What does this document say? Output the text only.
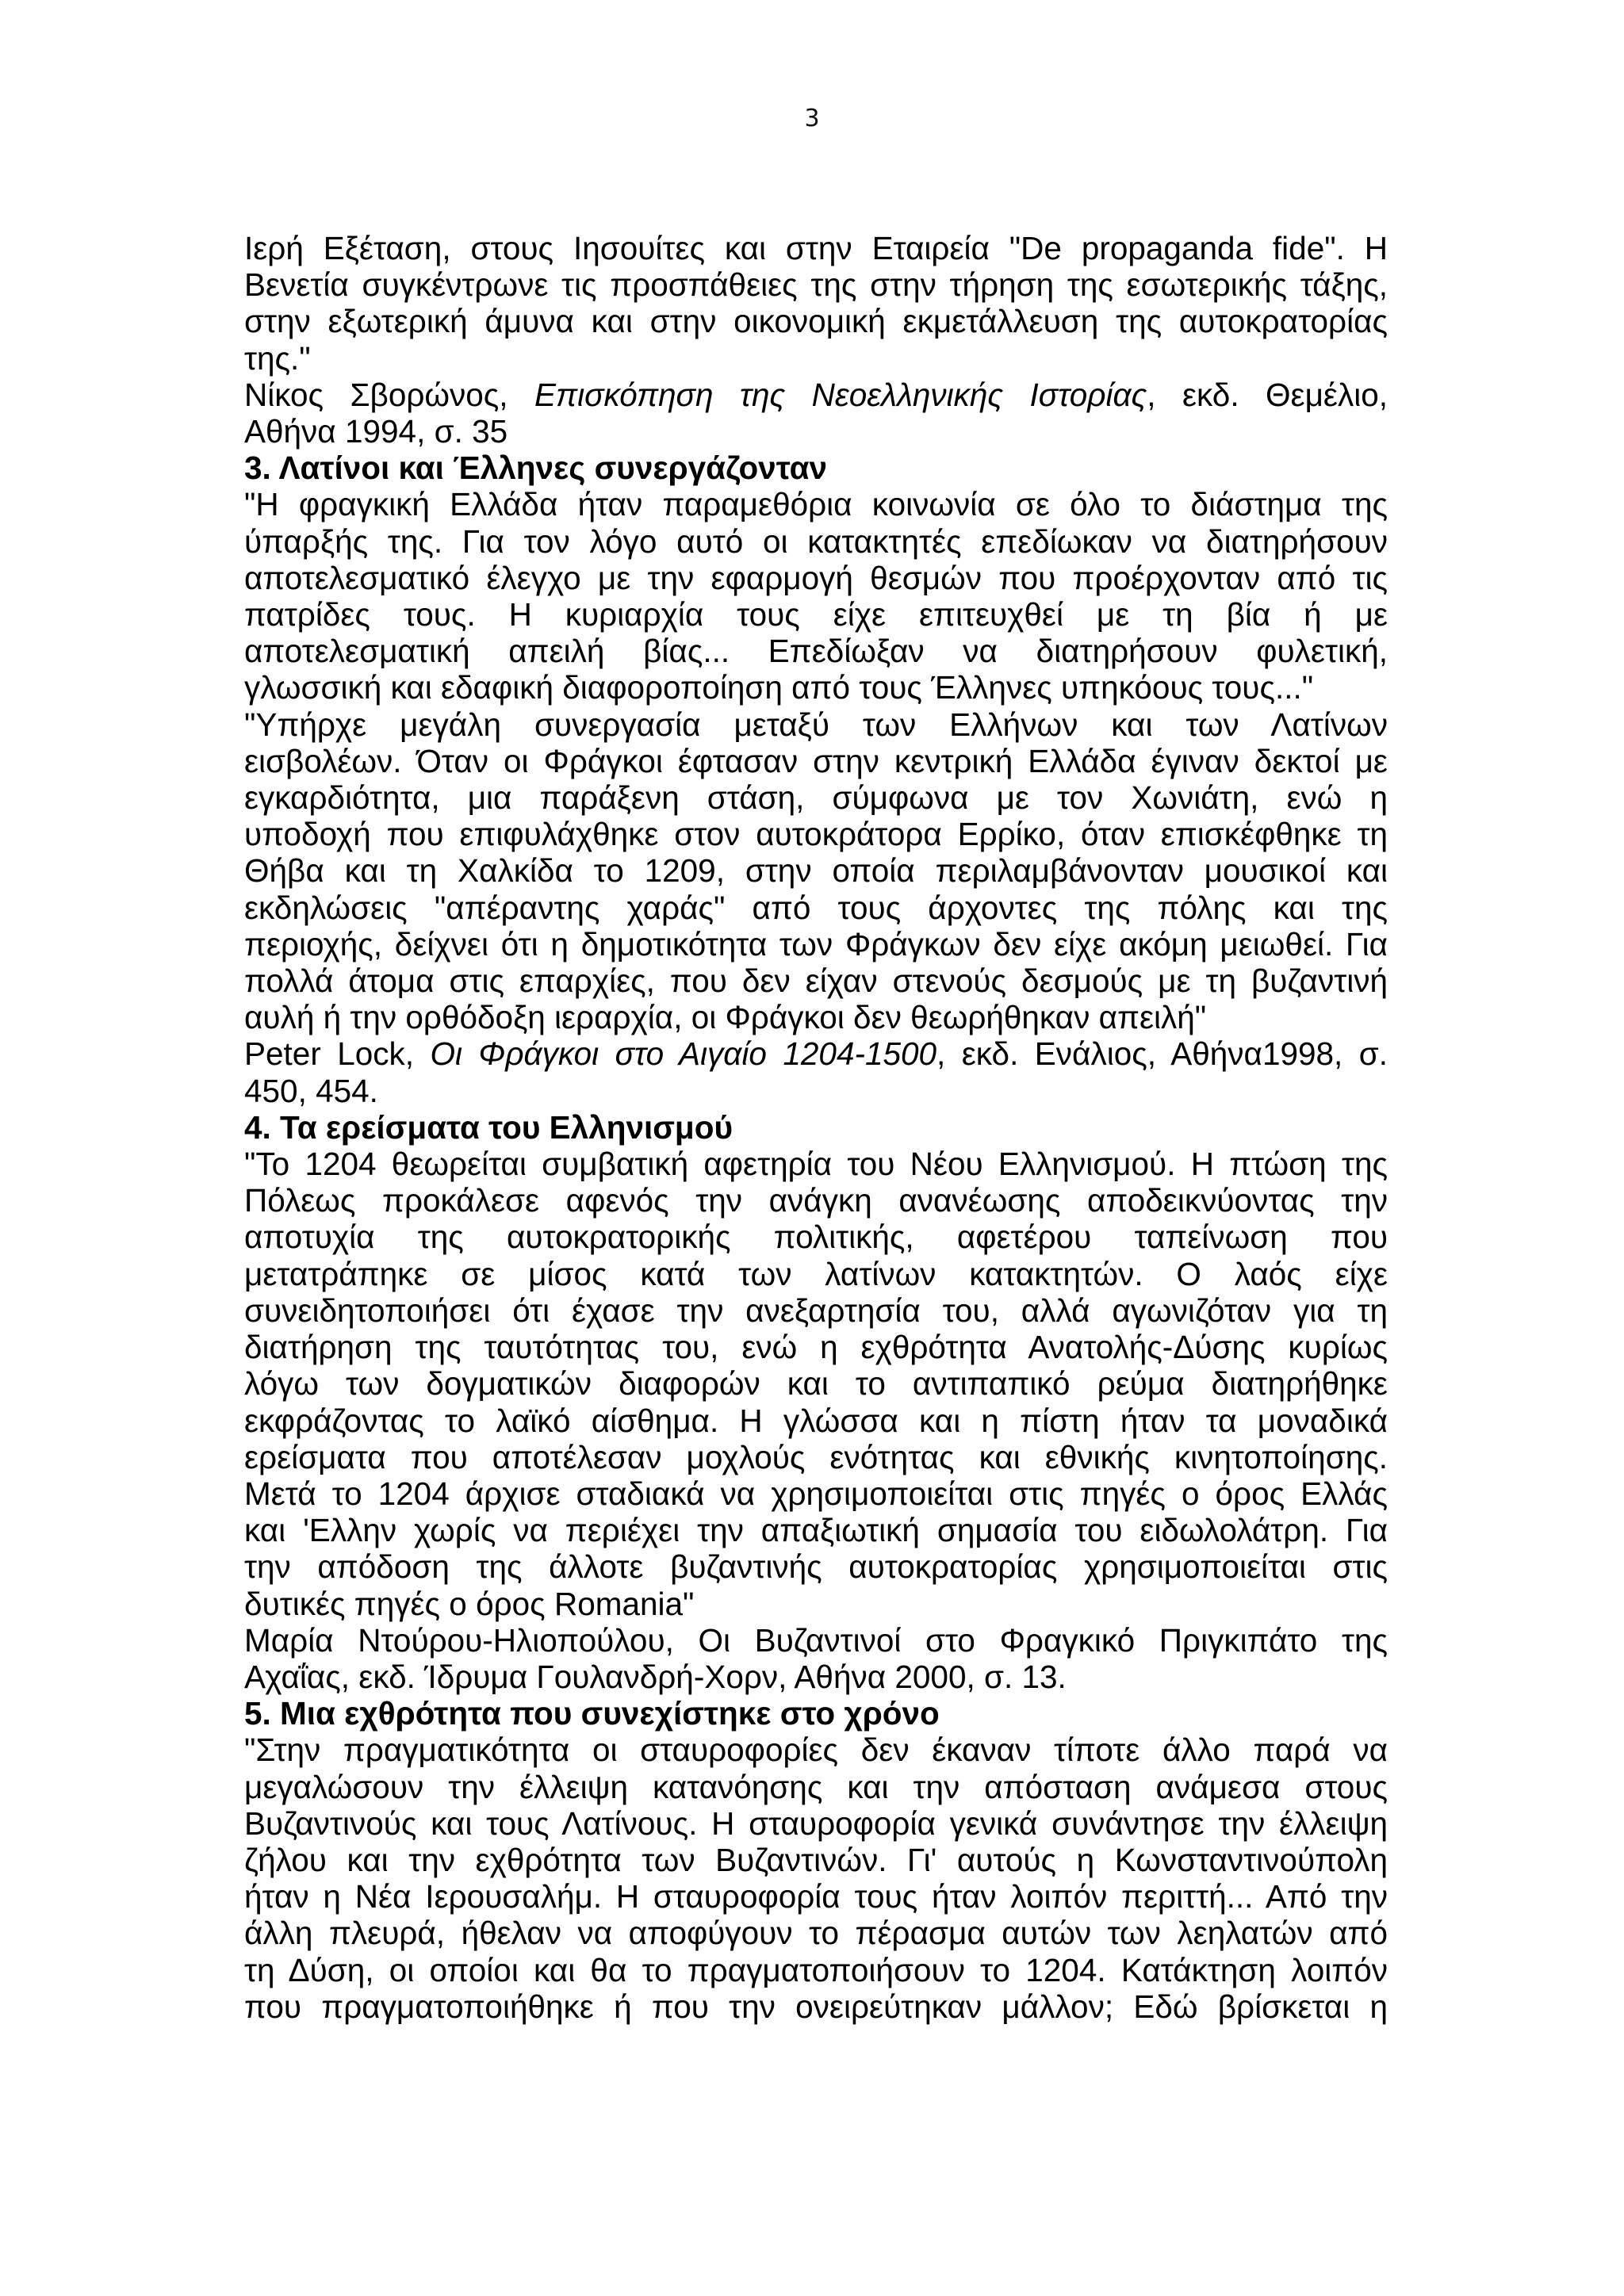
3
Ιερή Εξέταση, στους Ιησουίτες και στην Εταιρεία "De propaganda fide". Η
Βενετία συγκέντρωνε τις προσπάθειες της στην τήρηση της εσωτερικής τάξης,
στην εξωτερική άμυνα και στην οικονομική εκμετάλλευση της αυτοκρατορίας
της."
Νίκος Σβορώνος, Επισκόπηση της Νεοελληνικής Ιστορίας, εκδ. Θεμέλιο,
Αθήνα 1994, σ. 35
3. Λατίνοι και Έλληνες συνεργάζονταν
"Η φραγκική Ελλάδα ήταν παραμεθόρια κοινωνία σε όλο το διάστημα της
ύπαρξής της. Για τον λόγο αυτό οι κατακτητές επεδίωκαν να διατηρήσουν
αποτελεσματικό έλεγχο με την εφαρμογή θεσμών που προέρχονταν από τις
πατρίδες τους. Η κυριαρχία τους είχε επιτευχθεί με τη βία ή με
αποτελεσματική απειλή βίας... Επεδίωξαν να διατηρήσουν φυλετική,
γλωσσική και εδαφική διαφοροποίηση από τους Έλληνες υπηκόους τους..."
"Υπήρχε μεγάλη συνεργασία μεταξύ των Ελλήνων και των Λατίνων
εισβολέων. Όταν οι Φράγκοι έφτασαν στην κεντρική Ελλάδα έγιναν δεκτοί με
εγκαρδιότητα, μια παράξενη στάση, σύμφωνα με τον Χωνιάτη, ενώ η
υποδοχή που επιφυλάχθηκε στον αυτοκράτορα Ερρίκο, όταν επισκέφθηκε τη
Θήβα και τη Χαλκίδα το 1209, στην οποία περιλαμβάνονταν μουσικοί και
εκδηλώσεις "απέραντης χαράς" από τους άρχοντες της πόλης και της
περιοχής, δείχνει ότι η δημοτικότητα των Φράγκων δεν είχε ακόμη μειωθεί. Για
πολλά άτομα στις επαρχίες, που δεν είχαν στενούς δεσμούς με τη βυζαντινή
αυλή ή την ορθόδοξη ιεραρχία, οι Φράγκοι δεν θεωρήθηκαν απειλή"
Peter Lock, Οι Φράγκοι στο Αιγαίο 1204-1500, εκδ. Ενάλιος, Αθήνα1998, σ.
450, 454.
4. Τα ερείσματα του Ελληνισμού
"Το 1204 θεωρείται συμβατική αφετηρία του Νέου Ελληνισμού. Η πτώση της
Πόλεως προκάλεσε αφενός την ανάγκη ανανέωσης αποδεικνύοντας την
αποτυχία της αυτοκρατορικής πολιτικής, αφετέρου ταπείνωση που
μετατράπηκε σε μίσος κατά των λατίνων κατακτητών. Ο λαός είχε
συνειδητοποιήσει ότι έχασε την ανεξαρτησία του, αλλά αγωνιζόταν για τη
διατήρηση της ταυτότητας του, ενώ η εχθρότητα Ανατολής-Δύσης κυρίως
λόγω των δογματικών διαφορών και το αντιπαπικό ρεύμα διατηρήθηκε
εκφράζοντας το λαϊκό αίσθημα. Η γλώσσα και η πίστη ήταν τα μοναδικά
ερείσματα που αποτέλεσαν μοχλούς ενότητας και εθνικής κινητοποίησης.
Μετά το 1204 άρχισε σταδιακά να χρησιμοποιείται στις πηγές ο όρος Ελλάς
και 'Ελλην χωρίς να περιέχει την απαξιωτική σημασία του ειδωλολάτρη. Για
την απόδοση της άλλοτε βυζαντινής αυτοκρατορίας χρησιμοποιείται στις
δυτικές πηγές ο όρος Romania"
Μαρία Ντούρου-Ηλιοπούλου, Οι Βυζαντινοί στο Φραγκικό Πριγκιπάτο της
Αχαΐας, εκδ. Ίδρυμα Γουλανδρή-Χορν, Αθήνα 2000, σ. 13.
5. Μια εχθρότητα που συνεχίστηκε στο χρόνο
"Στην πραγματικότητα οι σταυροφορίες δεν έκαναν τίποτε άλλο παρά να
μεγαλώσουν την έλλειψη κατανόησης και την απόσταση ανάμεσα στους
Βυζαντινούς και τους Λατίνους. Η σταυροφορία γενικά συνάντησε την έλλειψη
ζήλου και την εχθρότητα των Βυζαντινών. Γι' αυτούς η Κωνσταντινούπολη
ήταν η Νέα Ιερουσαλήμ. Η σταυροφορία τους ήταν λοιπόν περιττή... Από την
άλλη πλευρά, ήθελαν να αποφύγουν το πέρασμα αυτών των λεηλατών από
τη Δύση, οι οποίοι και θα το πραγματοποιήσουν το 1204. Κατάκτηση λοιπόν
που πραγματοποιήθηκε ή που την ονειρεύτηκαν μάλλον; Εδώ βρίσκεται η
